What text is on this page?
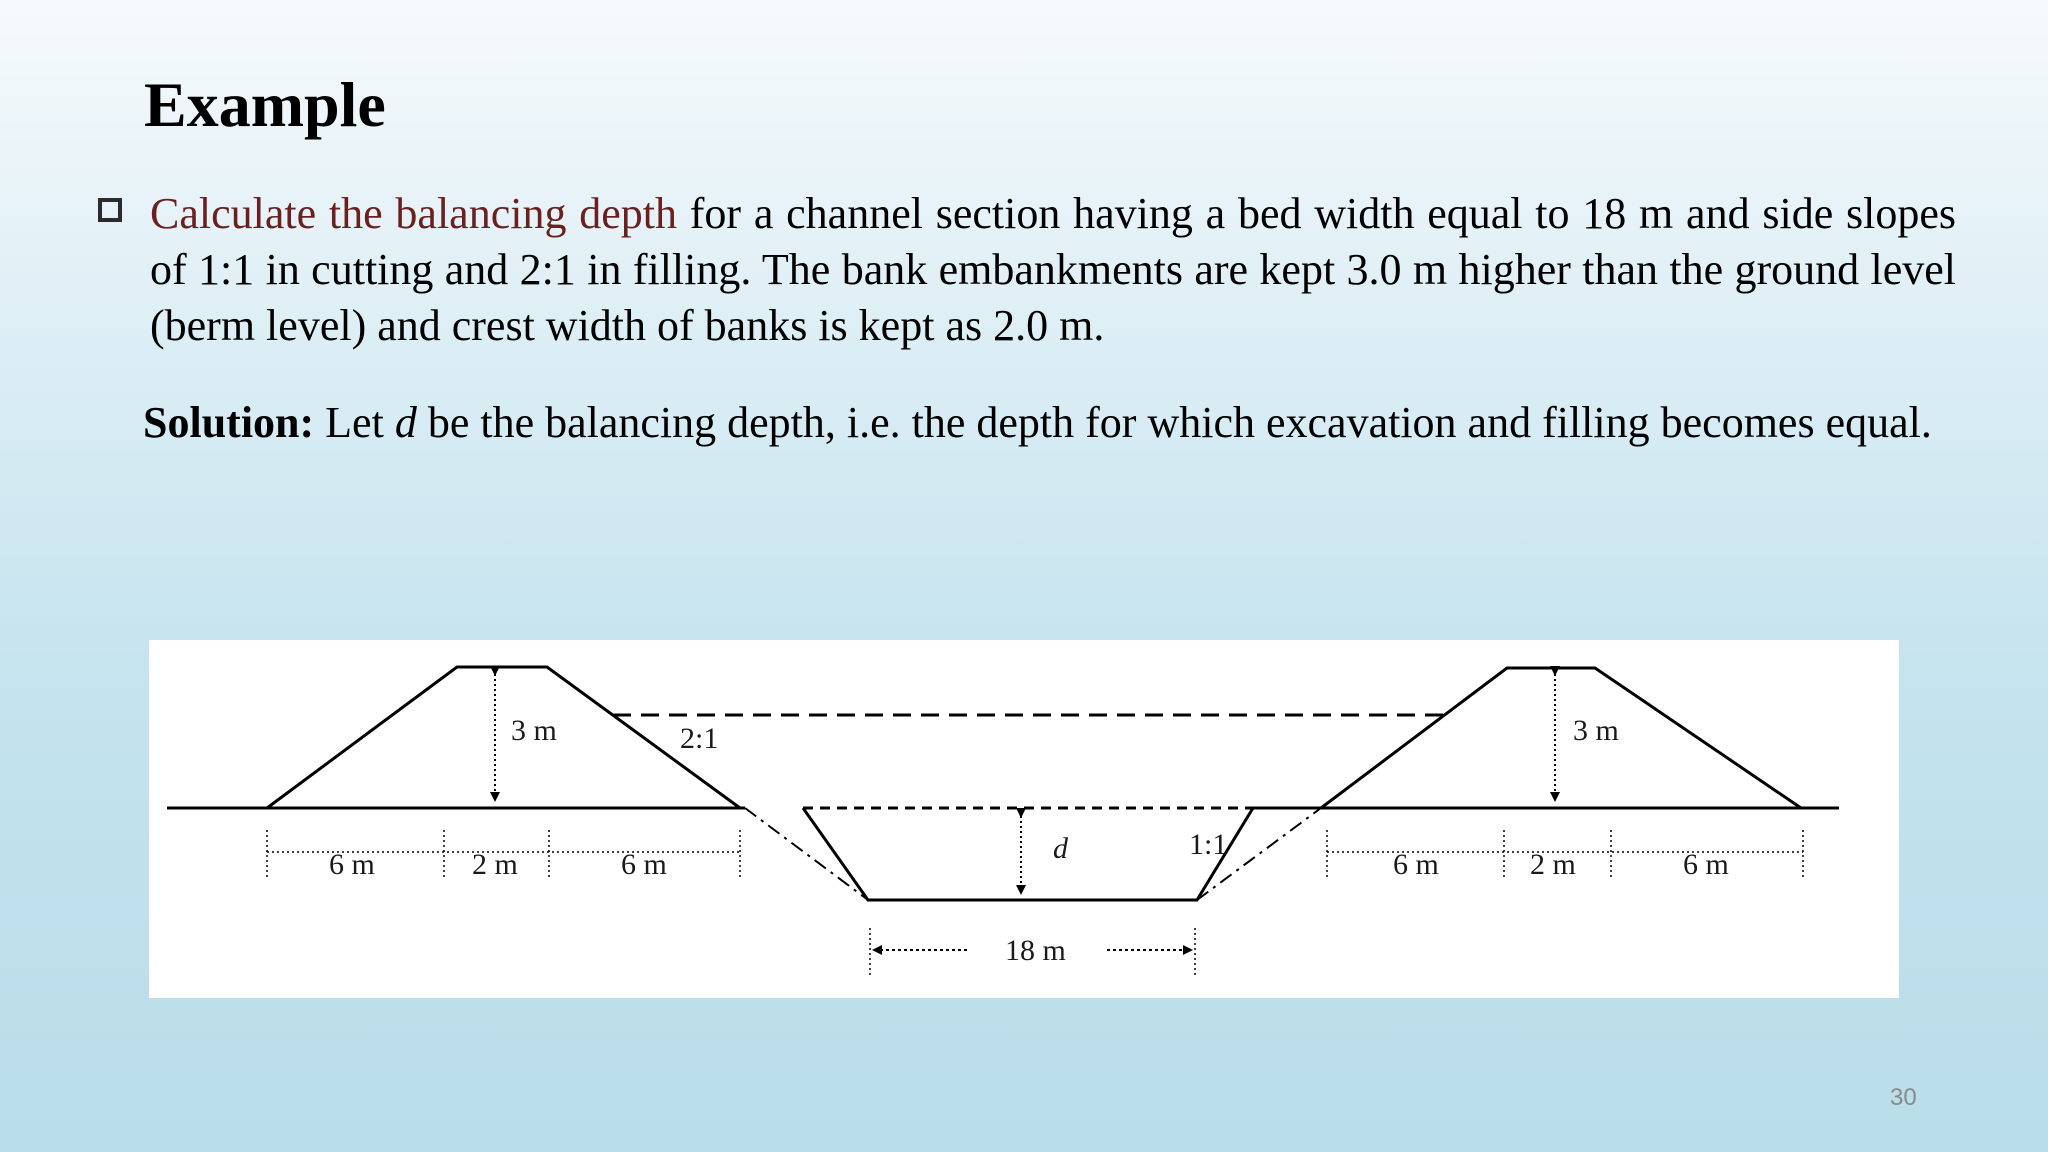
Example

Calculate the balancing depth for a channel section having a bed width equal to 18 m and side slopes of 1:1 in cutting and 2:1 in filling. The bank embankments are kept 3.0 m higher than the ground level (berm level) and crest width of banks is kept as 2.0 m.

Solution: Let d be the balancing depth, i.e. the depth for which excavation and filling becomes equal.

3 m	2:1	3 m
d	1:1
6 m	2 m	6 m	6 m	2 m	6 m
18 m
30
